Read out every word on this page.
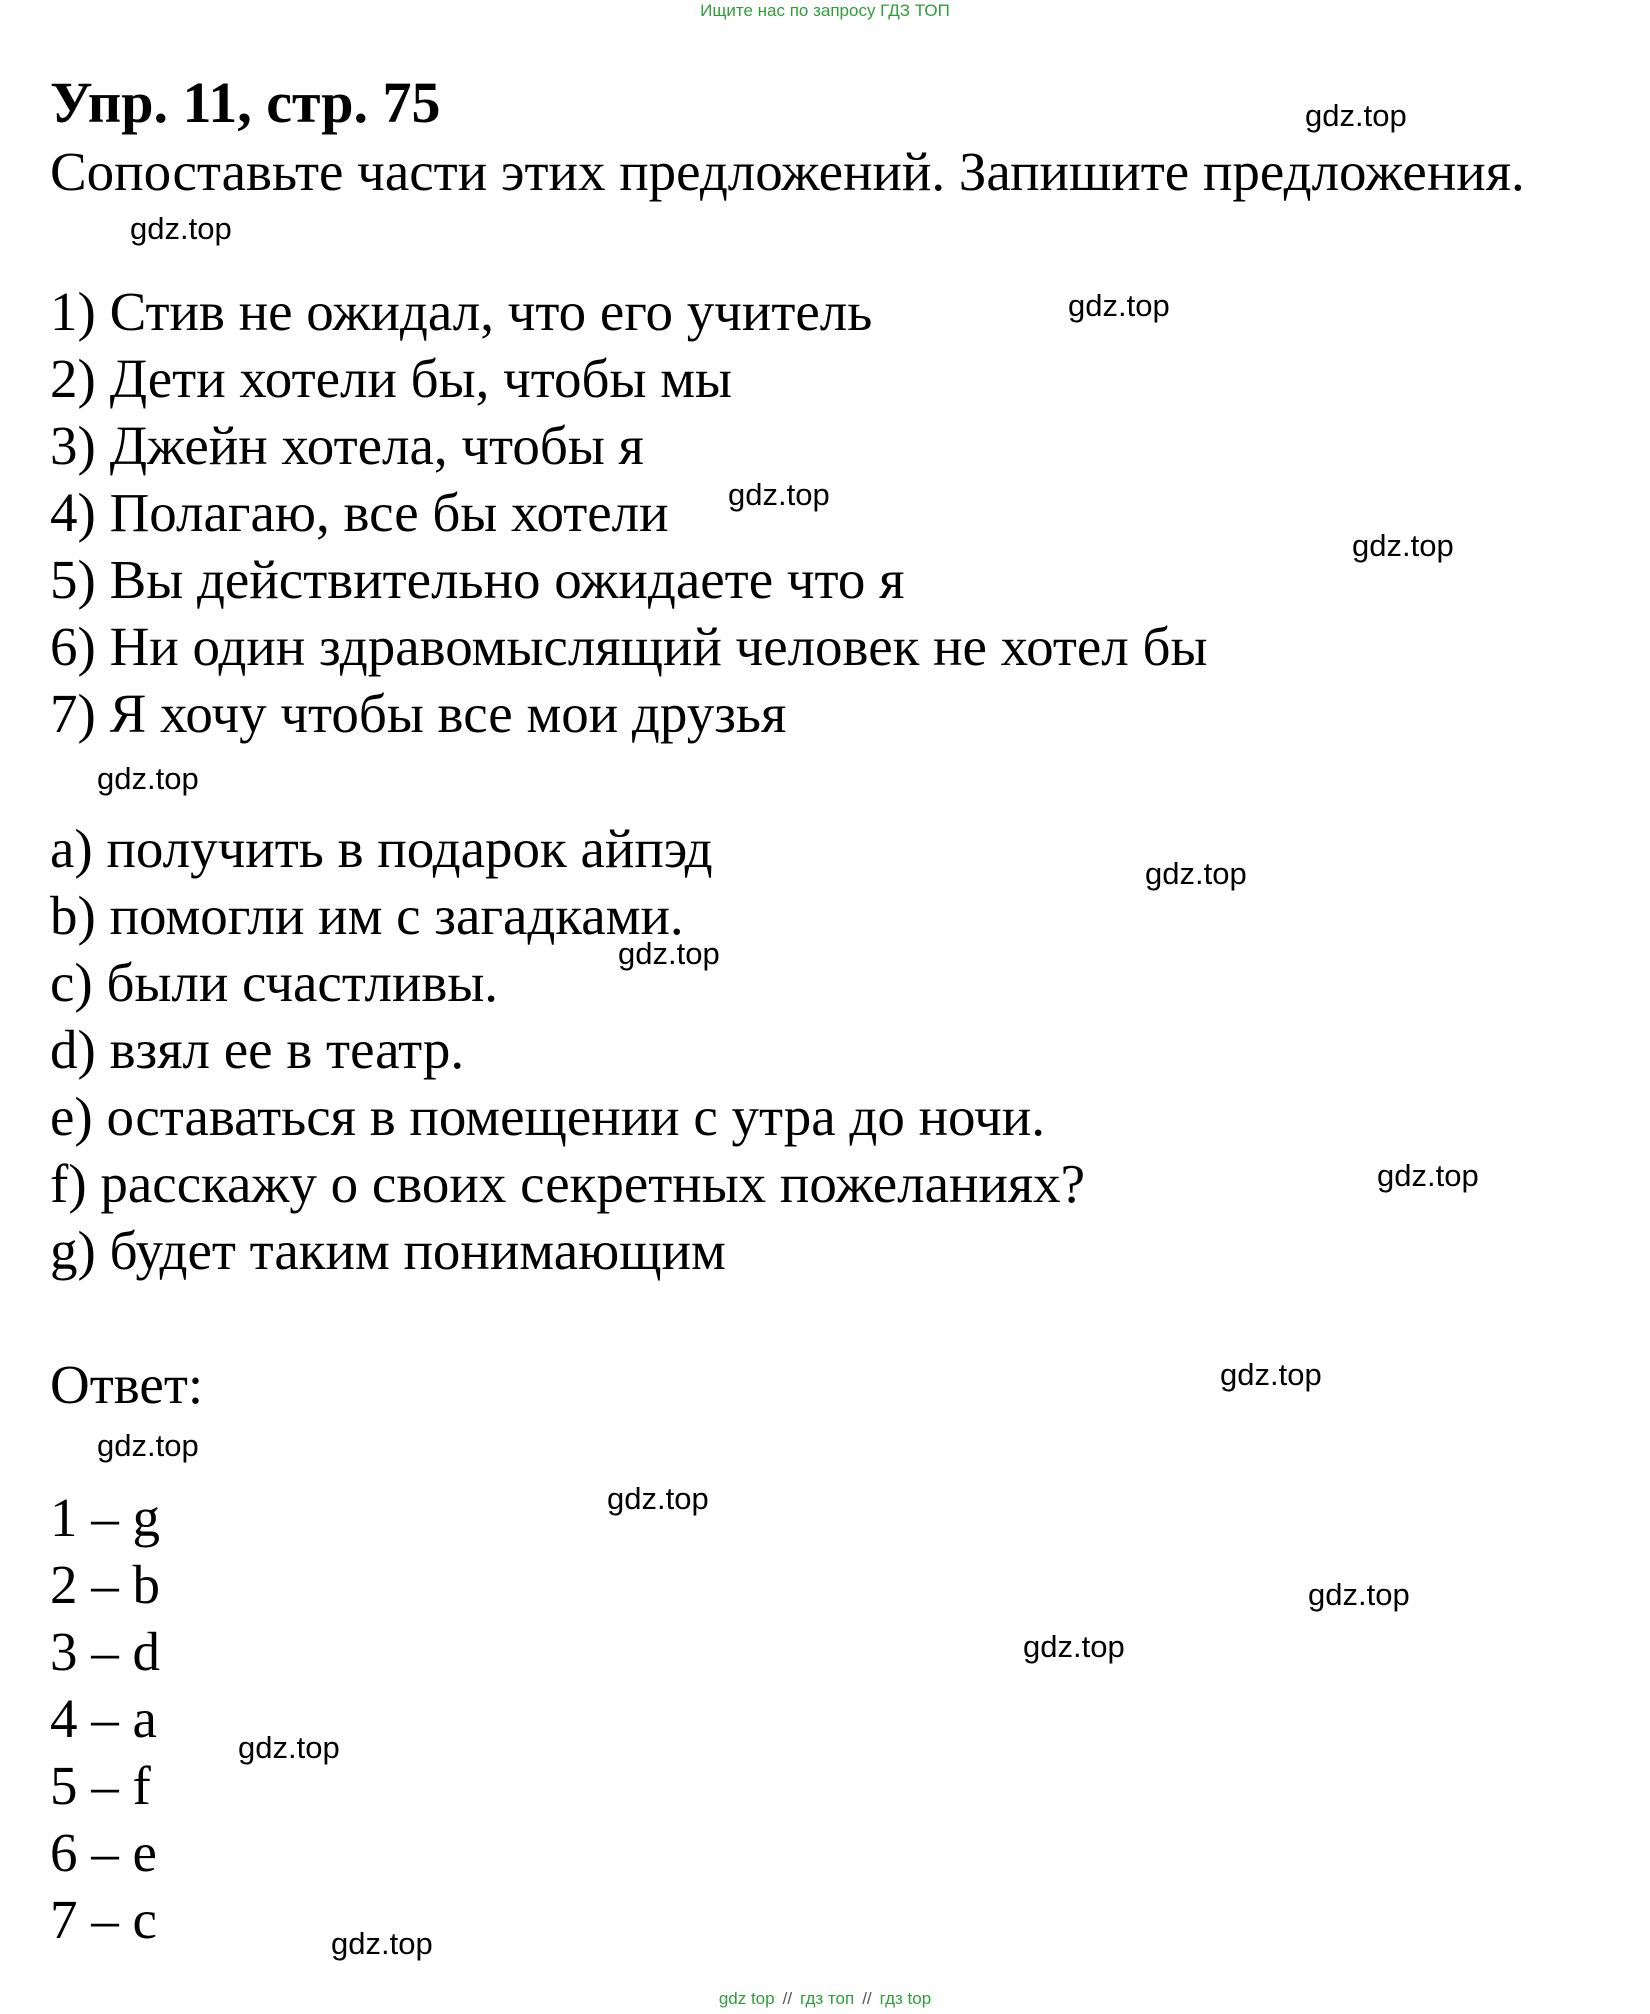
Ищите нас по запросу ГДЗ ТОП
Упр. 11, стр. 75
Сопоставьте части этих предложений. Запишите предложения.
1) Стив не ожидал, что его учитель
2) Дети хотели бы, чтобы мы
3) Джейн хотела, чтобы я
4) Полагаю, все бы хотели
5) Вы действительно ожидаете что я
6) Ни один здравомыслящий человек не хотел бы
7) Я хочу чтобы все мои друзья
a) получить в подарок айпэд
b) помогли им с загадками.
c) были счастливы.
d) взял ее в театр.
e) оставаться в помещении с утра до ночи.
f) расскажу о своих секретных пожеланиях?
g) будет таким понимающим
Ответ:
1 – g
2 – b
3 – d
4 – a
5 – f
6 – e
7 – c
gdz.top
gdz.top
gdz.top
gdz.top
gdz.top
gdz.top
gdz.top
gdz.top
gdz.top
gdz.top
gdz.top
gdz.top
gdz.top
gdz.top
gdz.top
gdz.top
gdz top // гдз топ // гдз top
